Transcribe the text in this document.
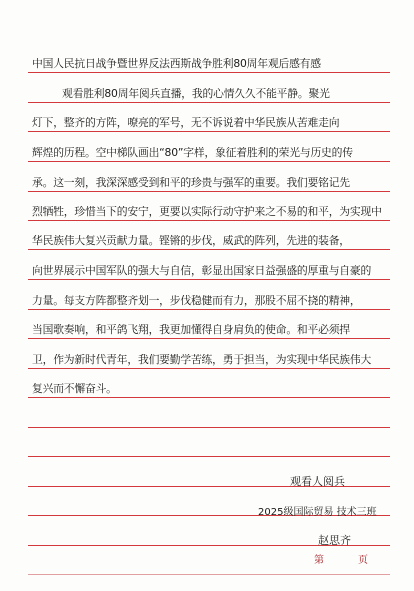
中国人民抗日战争暨世界反法西斯战争胜利80周年观后感有感
观看胜利80周年阅兵直播，我的心情久久不能平静。聚光
灯下，整齐的方阵，嘹亮的军号，无不诉说着中华民族从苦难走向
辉煌的历程。空中梯队画出“80”字样，象征着胜利的荣光与历史的传
承。这一刻，我深深感受到和平的珍贵与强军的重要。我们要铭记先
烈牺牲，珍惜当下的安宁，更要以实际行动守护来之不易的和平，为实现中
华民族伟大复兴贡献力量。铿锵的步伐，威武的阵列，先进的装备，
向世界展示中国军队的强大与自信，彰显出国家日益强盛的厚重与自豪的
力量。每支方阵都整齐划一，步伐稳健而有力，那股不屈不挠的精神，
当国歌奏响，和平鸽飞翔，我更加懂得自身肩负的使命。和平必须捍
卫，作为新时代青年，我们要勤学苦练，勇于担当，为实现中华民族伟大
复兴而不懈奋斗。
观看人阅兵
2025级国际贸易 技术三班
赵思齐
第	页
